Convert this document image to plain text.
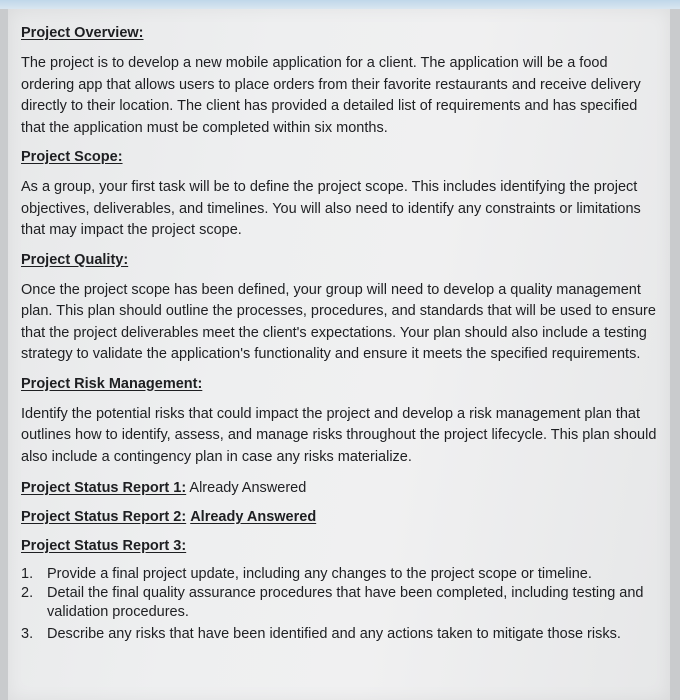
Project Overview:

The project is to develop a new mobile application for a client. The application will be a food ordering app that allows users to place orders from their favorite restaurants and receive delivery directly to their location. The client has provided a detailed list of requirements and has specified that the application must be completed within six months.

Project Scope:

As a group, your first task will be to define the project scope. This includes identifying the project objectives, deliverables, and timelines. You will also need to identify any constraints or limitations that may impact the project scope.

Project Quality:

Once the project scope has been defined, your group will need to develop a quality management plan. This plan should outline the processes, procedures, and standards that will be used to ensure that the project deliverables meet the client's expectations. Your plan should also include a testing strategy to validate the application's functionality and ensure it meets the specified requirements.

Project Risk Management:

Identify the potential risks that could impact the project and develop a risk management plan that outlines how to identify, assess, and manage risks throughout the project lifecycle. This plan should also include a contingency plan in case any risks materialize.

Project Status Report 1: Already Answered

Project Status Report 2: Already Answered

Project Status Report 3:

1. Provide a final project update, including any changes to the project scope or timeline.
2. Detail the final quality assurance procedures that have been completed, including testing and validation procedures.
3. Describe any risks that have been identified and any actions taken to mitigate those risks.
